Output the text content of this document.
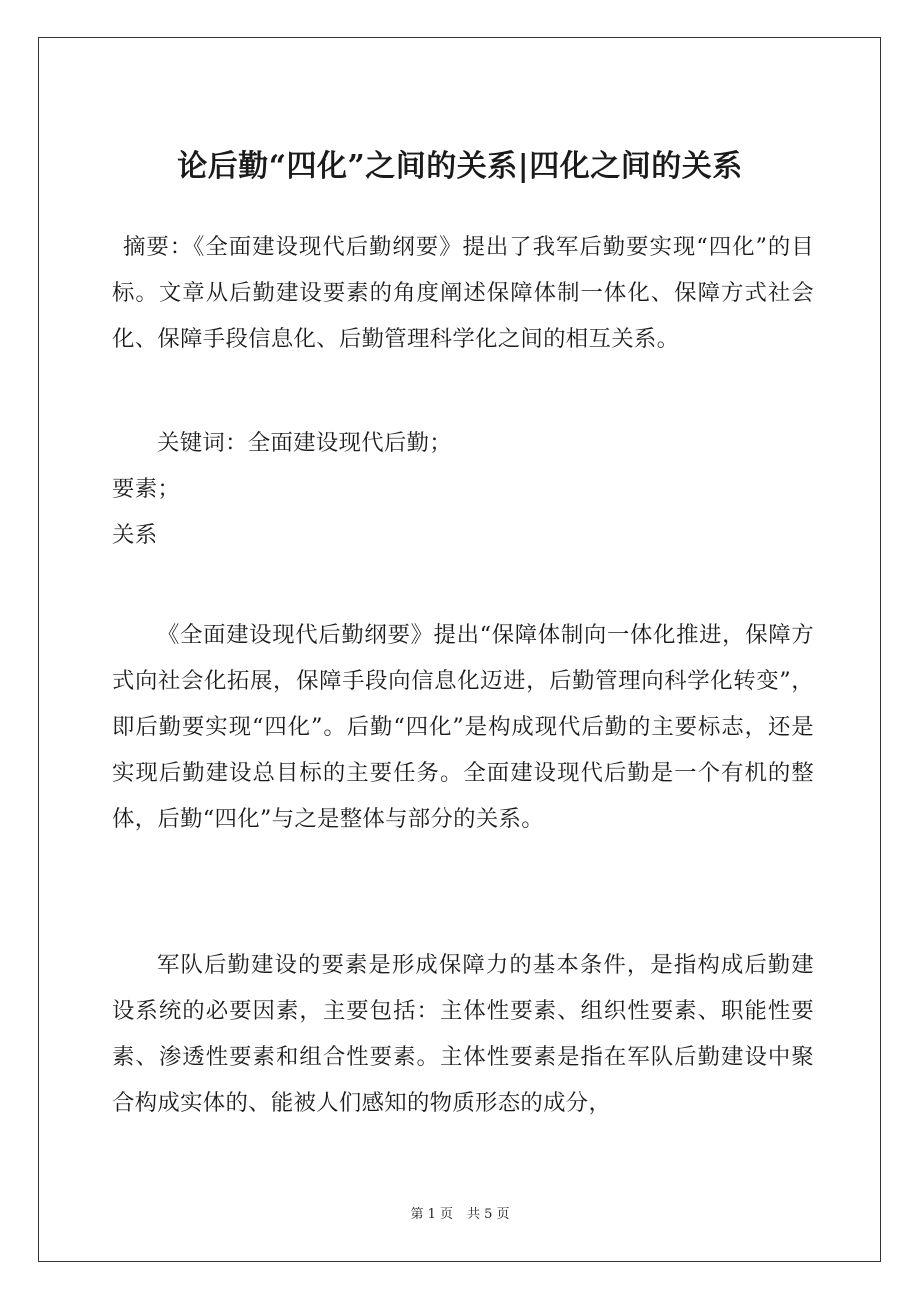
论后勤“四化”之间的关系|四化之间的关系
摘要：《全面建设现代后勤纲要》提出了我军后勤要实现“四化”的目标。文章从后勤建设要素的角度阐述保障体制一体化、保障方式社会化、保障手段信息化、后勤管理科学化之间的相互关系。
关键词：全面建设现代后勤；
要素；
关系
《全面建设现代后勤纲要》提出“保障体制向一体化推进，保障方式向社会化拓展，保障手段向信息化迈进，后勤管理向科学化转变”，即后勤要实现“四化”。后勤“四化”是构成现代后勤的主要标志，还是实现后勤建设总目标的主要任务。全面建设现代后勤是一个有机的整体，后勤“四化”与之是整体与部分的关系。
军队后勤建设的要素是形成保障力的基本条件，是指构成后勤建设系统的必要因素，主要包括：主体性要素、组织性要素、职能性要素、渗透性要素和组合性要素。主体性要素是指在军队后勤建设中聚合构成实体的、能被人们感知的物质形态的成分，
第 1 页 共 5 页
